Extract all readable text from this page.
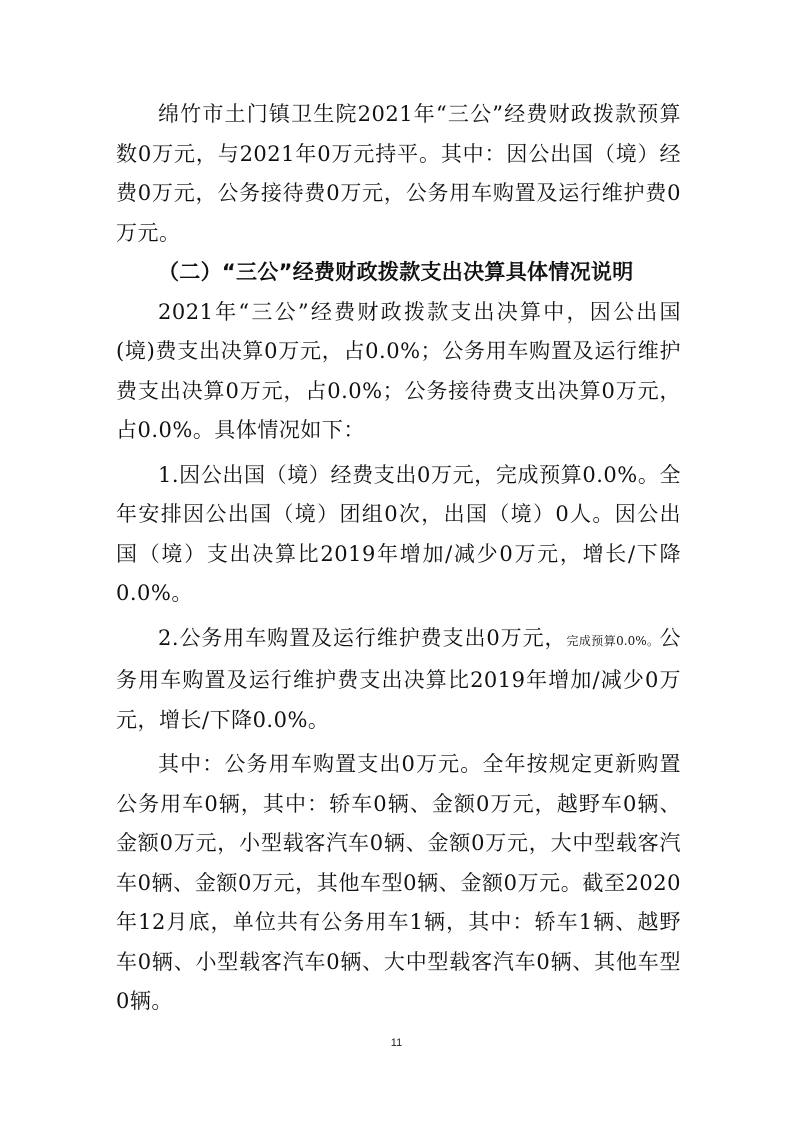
绵竹市土门镇卫生院2021年“三公”经费财政拨款预算数0万元，与2021年0万元持平。其中：因公出国（境）经费0万元，公务接待费0万元，公务用车购置及运行维护费0万元。

（二）“三公”经费财政拨款支出决算具体情况说明

2021年“三公”经费财政拨款支出决算中，因公出国(境)费支出决算0万元，占0.0%；公务用车购置及运行维护费支出决算0万元，占0.0%；公务接待费支出决算0万元，占0.0%。具体情况如下：

1.因公出国（境）经费支出0万元，完成预算0.0%。全年安排因公出国（境）团组0次，出国（境）0人。因公出国（境）支出决算比2019年增加/减少0万元，增长/下降0.0%。

2.公务用车购置及运行维护费支出0万元，完成预算0.0%。公务用车购置及运行维护费支出决算比2019年增加/减少0万元，增长/下降0.0%。

其中：公务用车购置支出0万元。全年按规定更新购置公务用车0辆，其中：轿车0辆、金额0万元，越野车0辆、金额0万元，小型载客汽车0辆、金额0万元，大中型载客汽车0辆、金额0万元，其他车型0辆、金额0万元。截至2020年12月底，单位共有公务用车1辆，其中：轿车1辆、越野车0辆、小型载客汽车0辆、大中型载客汽车0辆、其他车型0辆。

11
